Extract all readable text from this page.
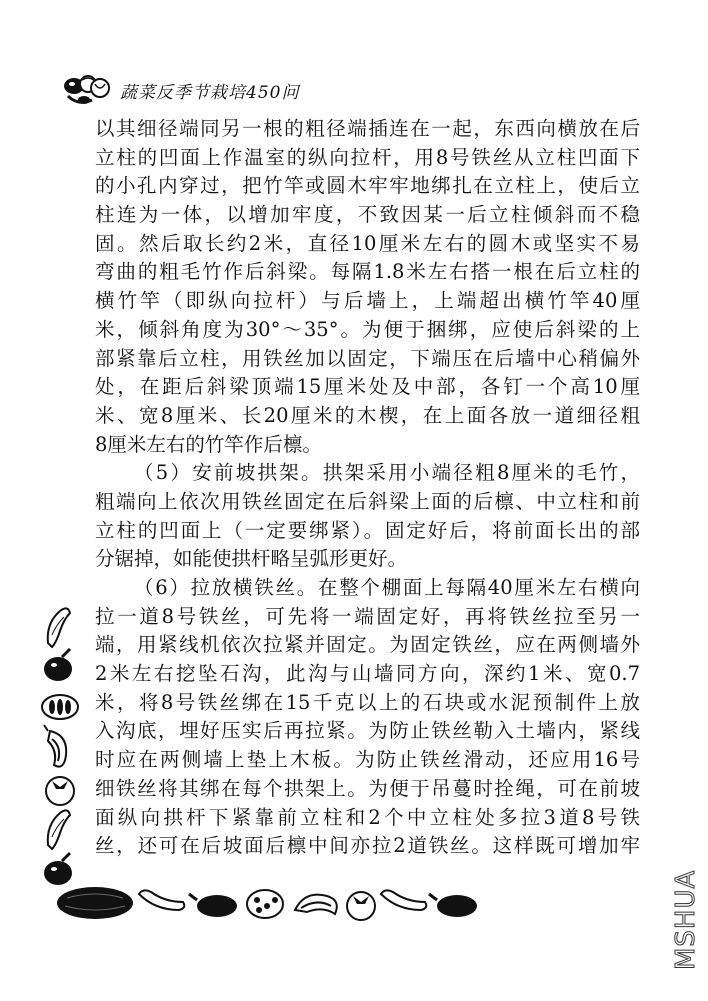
蔬菜反季节栽培450问
以其细径端同另一根的粗径端插连在一起，东西向横放在后
立柱的凹面上作温室的纵向拉杆，用8号铁丝从立柱凹面下
的小孔内穿过，把竹竿或圆木牢牢地绑扎在立柱上，使后立
柱连为一体，以增加牢度，不致因某一后立柱倾斜而不稳
固。然后取长约2米，直径10厘米左右的圆木或坚实不易
弯曲的粗毛竹作后斜梁。每隔1.8米左右搭一根在后立柱的
横竹竿（即纵向拉杆）与后墙上，上端超出横竹竿40厘
米，倾斜角度为30°～35°。为便于捆绑，应使后斜梁的上
部紧靠后立柱，用铁丝加以固定，下端压在后墙中心稍偏外
处，在距后斜梁顶端15厘米处及中部，各钉一个高10厘
米、宽8厘米、长20厘米的木楔，在上面各放一道细径粗
8厘米左右的竹竿作后檩。
（5）安前坡拱架。拱架采用小端径粗8厘米的毛竹，
粗端向上依次用铁丝固定在后斜梁上面的后檩、中立柱和前
立柱的凹面上（一定要绑紧）。固定好后，将前面长出的部
分锯掉，如能使拱杆略呈弧形更好。
（6）拉放横铁丝。在整个棚面上每隔40厘米左右横向
拉一道8号铁丝，可先将一端固定好，再将铁丝拉至另一
端，用紧线机依次拉紧并固定。为固定铁丝，应在两侧墙外
2米左右挖坠石沟，此沟与山墙同方向，深约1米、宽0.7
米，将8号铁丝绑在15千克以上的石块或水泥预制件上放
入沟底，埋好压实后再拉紧。为防止铁丝勒入土墙内，紧线
时应在两侧墙上垫上木板。为防止铁丝滑动，还应用16号
细铁丝将其绑在每个拱架上。为便于吊蔓时拴绳，可在前坡
面纵向拱杆下紧靠前立柱和2个中立柱处多拉3道8号铁
丝，还可在后坡面后檩中间亦拉2道铁丝。这样既可增加牢
MSHUA
